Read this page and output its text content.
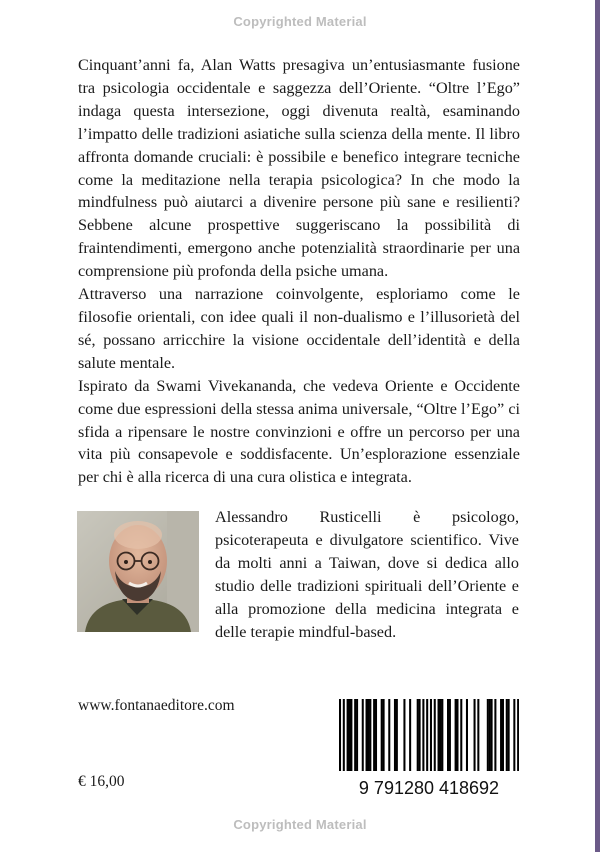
Copyrighted Material

Cinquant’anni fa, Alan Watts presagiva un’entusiasmante fusione tra psicologia occidentale e saggezza dell’Oriente. “Oltre l’Ego” indaga questa intersezione, oggi divenuta realtà, esaminando l’impatto delle tradizioni asiatiche sulla scienza della mente. Il libro affronta domande cruciali: è possibile e benefico integrare tecniche come la meditazione nella terapia psicologica? In che modo la mindfulness può aiutarci a divenire persone più sane e resilienti? Sebbene alcune prospettive suggeriscano la possibilità di fraintendimenti, emergono anche potenzialità straordinarie per una comprensione più profonda della psiche umana.

Attraverso una narrazione coinvolgente, esploriamo come le filosofie orientali, con idee quali il non-dualismo e l’illusorietà del sé, possano arricchire la visione occidentale dell’identità e della salute mentale.

Ispirato da Swami Vivekananda, che vedeva Oriente e Occidente come due espressioni della stessa anima universale, “Oltre l’Ego” ci sfida a ripensare le nostre convinzioni e offre un percorso per una vita più consapevole e soddisfacente. Un’esplorazione essenziale per chi è alla ricerca di una cura olistica e integrata.

Alessandro Rusticelli è psicologo, psicoterapeuta e divulgatore scientifico. Vive da molti anni a Taiwan, dove si dedica allo studio delle tradizioni spirituali dell’Oriente e alla promozione della medicina integrata e delle terapie mindful-based.
www.fontanaeditore.com
€ 16,00	9 791280 418692
Copyrighted Material
